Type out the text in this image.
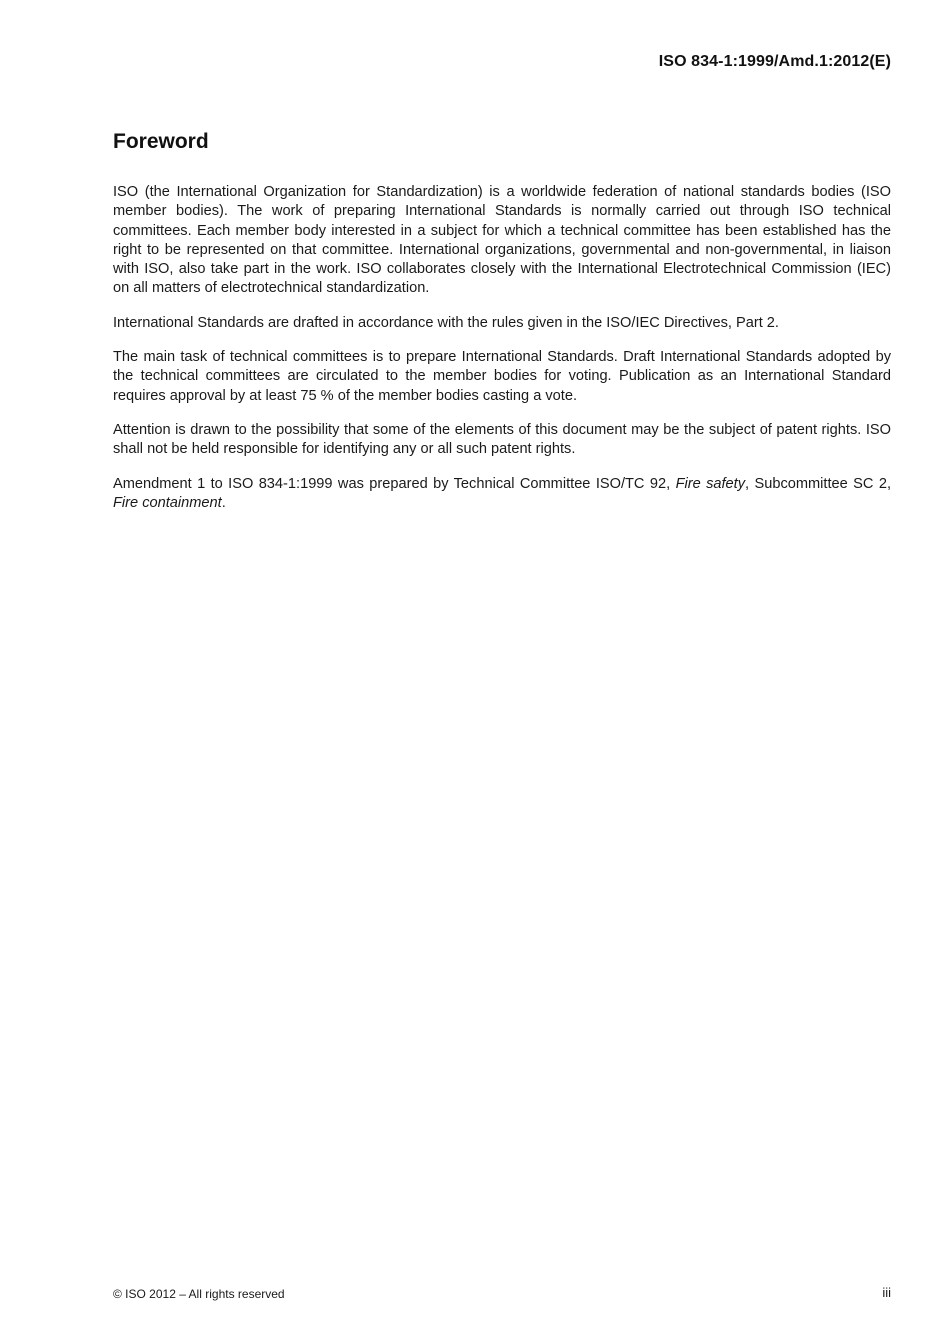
ISO 834-1:1999/Amd.1:2012(E)
Foreword

ISO (the International Organization for Standardization) is a worldwide federation of national standards bodies (ISO member bodies). The work of preparing International Standards is normally carried out through ISO technical committees. Each member body interested in a subject for which a technical committee has been established has the right to be represented on that committee. International organizations, governmental and non-governmental, in liaison with ISO, also take part in the work. ISO collaborates closely with the International Electrotechnical Commission (IEC) on all matters of electrotechnical standardization.

International Standards are drafted in accordance with the rules given in the ISO/IEC Directives, Part 2.

The main task of technical committees is to prepare International Standards. Draft International Standards adopted by the technical committees are circulated to the member bodies for voting. Publication as an International Standard requires approval by at least 75 % of the member bodies casting a vote.

Attention is drawn to the possibility that some of the elements of this document may be the subject of patent rights. ISO shall not be held responsible for identifying any or all such patent rights.

Amendment 1 to ISO 834-1:1999 was prepared by Technical Committee ISO/TC 92, Fire safety, Subcommittee SC 2, Fire containment.

© ISO 2012 – All rights reserved	iii
